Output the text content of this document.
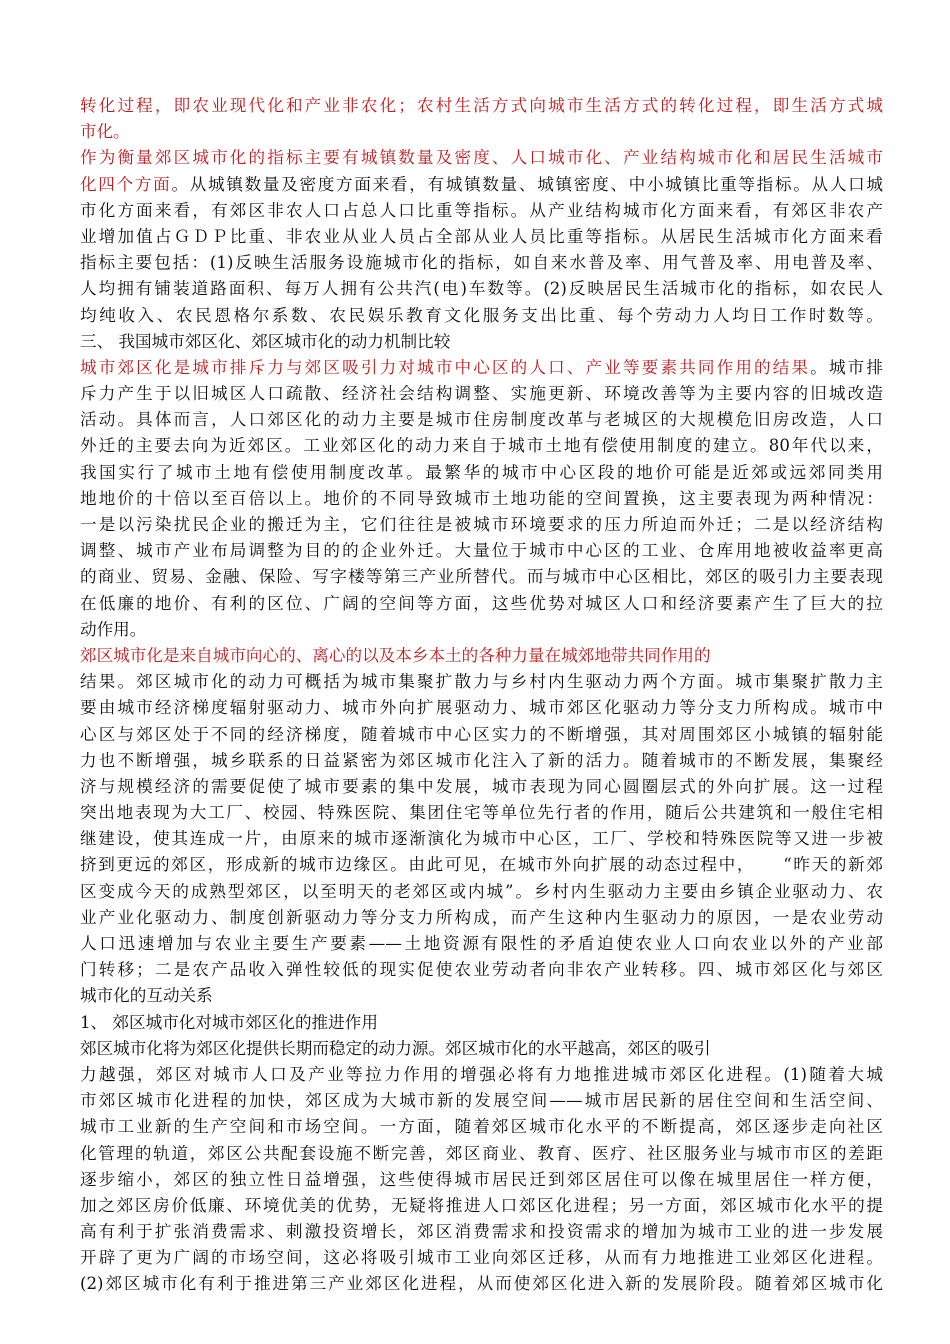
转化过程，即农业现代化和产业非农化；农村生活方式向城市生活方式的转化过程，即生活方式城
市化。
作为衡量郊区城市化的指标主要有城镇数量及密度、人口城市化、产业结构城市化和居民生活城市
化四个方面。从城镇数量及密度方面来看，有城镇数量、城镇密度、中小城镇比重等指标。从人口城
市化方面来看，有郊区非农人口占总人口比重等指标。从产业结构城市化方面来看，有郊区非农产
业增加值占ＧＤＰ比重、非农业从业人员占全部从业人员比重等指标。从居民生活城市化方面来看
指标主要包括：(1)反映生活服务设施城市化的指标，如自来水普及率、用气普及率、用电普及率、
人均拥有铺装道路面积、每万人拥有公共汽(电)车数等。(2)反映居民生活城市化的指标，如农民人
均纯收入、农民恩格尔系数、农民娱乐教育文化服务支出比重、每个劳动力人均日工作时数等。
三、 我国城市郊区化、郊区城市化的动力机制比较
城市郊区化是城市排斥力与郊区吸引力对城市中心区的人口、产业等要素共同作用的结果。城市排
斥力产生于以旧城区人口疏散、经济社会结构调整、实施更新、环境改善等为主要内容的旧城改造
活动。具体而言，人口郊区化的动力主要是城市住房制度改革与老城区的大规模危旧房改造，人口
外迁的主要去向为近郊区。工业郊区化的动力来自于城市土地有偿使用制度的建立。80年代以来，
我国实行了城市土地有偿使用制度改革。最繁华的城市中心区段的地价可能是近郊或远郊同类用
地地价的十倍以至百倍以上。地价的不同导致城市土地功能的空间置换，这主要表现为两种情况：
一是以污染扰民企业的搬迁为主，它们往往是被城市环境要求的压力所迫而外迁；二是以经济结构
调整、城市产业布局调整为目的的企业外迁。大量位于城市中心区的工业、仓库用地被收益率更高
的商业、贸易、金融、保险、写字楼等第三产业所替代。而与城市中心区相比，郊区的吸引力主要表现
在低廉的地价、有利的区位、广阔的空间等方面，这些优势对城区人口和经济要素产生了巨大的拉
动作用。
郊区城市化是来自城市向心的、离心的以及本乡本土的各种力量在城郊地带共同作用的
结果。郊区城市化的动力可概括为城市集聚扩散力与乡村内生驱动力两个方面。城市集聚扩散力主
要由城市经济梯度辐射驱动力、城市外向扩展驱动力、城市郊区化驱动力等分支力所构成。城市中
心区与郊区处于不同的经济梯度，随着城市中心区实力的不断增强，其对周围郊区小城镇的辐射能
力也不断增强，城乡联系的日益紧密为郊区城市化注入了新的活力。随着城市的不断发展，集聚经
济与规模经济的需要促使了城市要素的集中发展，城市表现为同心圆圈层式的外向扩展。这一过程
突出地表现为大工厂、校园、特殊医院、集团住宅等单位先行者的作用，随后公共建筑和一般住宅相
继建设，使其连成一片，由原来的城市逐渐演化为城市中心区，工厂、学校和特殊医院等又进一步被
挤到更远的郊区，形成新的城市边缘区。由此可见，在城市外向扩展的动态过程中，　　“昨天的新郊
区变成今天的成熟型郊区，以至明天的老郊区或内城”。乡村内生驱动力主要由乡镇企业驱动力、农
业产业化驱动力、制度创新驱动力等分支力所构成，而产生这种内生驱动力的原因，一是农业劳动
人口迅速增加与农业主要生产要素——土地资源有限性的矛盾迫使农业人口向农业以外的产业部
门转移；二是农产品收入弹性较低的现实促使农业劳动者向非农产业转移。四、城市郊区化与郊区
城市化的互动关系
1、 郊区城市化对城市郊区化的推进作用
郊区城市化将为郊区化提供长期而稳定的动力源。郊区城市化的水平越高，郊区的吸引
力越强，郊区对城市人口及产业等拉力作用的增强必将有力地推进城市郊区化进程。(1)随着大城
市郊区城市化进程的加快，郊区成为大城市新的发展空间——城市居民新的居住空间和生活空间、
城市工业新的生产空间和市场空间。一方面，随着郊区城市化水平的不断提高，郊区逐步走向社区
化管理的轨道，郊区公共配套设施不断完善，郊区商业、教育、医疗、社区服务业与城市市区的差距
逐步缩小，郊区的独立性日益增强，这些使得城市居民迁到郊区居住可以像在城里居住一样方便，
加之郊区房价低廉、环境优美的优势，无疑将推进人口郊区化进程；另一方面，郊区城市化水平的提
高有利于扩张消费需求、刺激投资增长，郊区消费需求和投资需求的增加为城市工业的进一步发展
开辟了更为广阔的市场空间，这必将吸引城市工业向郊区迁移，从而有力地推进工业郊区化进程。
(2)郊区城市化有利于推进第三产业郊区化进程，从而使郊区化进入新的发展阶段。随着郊区城市化
